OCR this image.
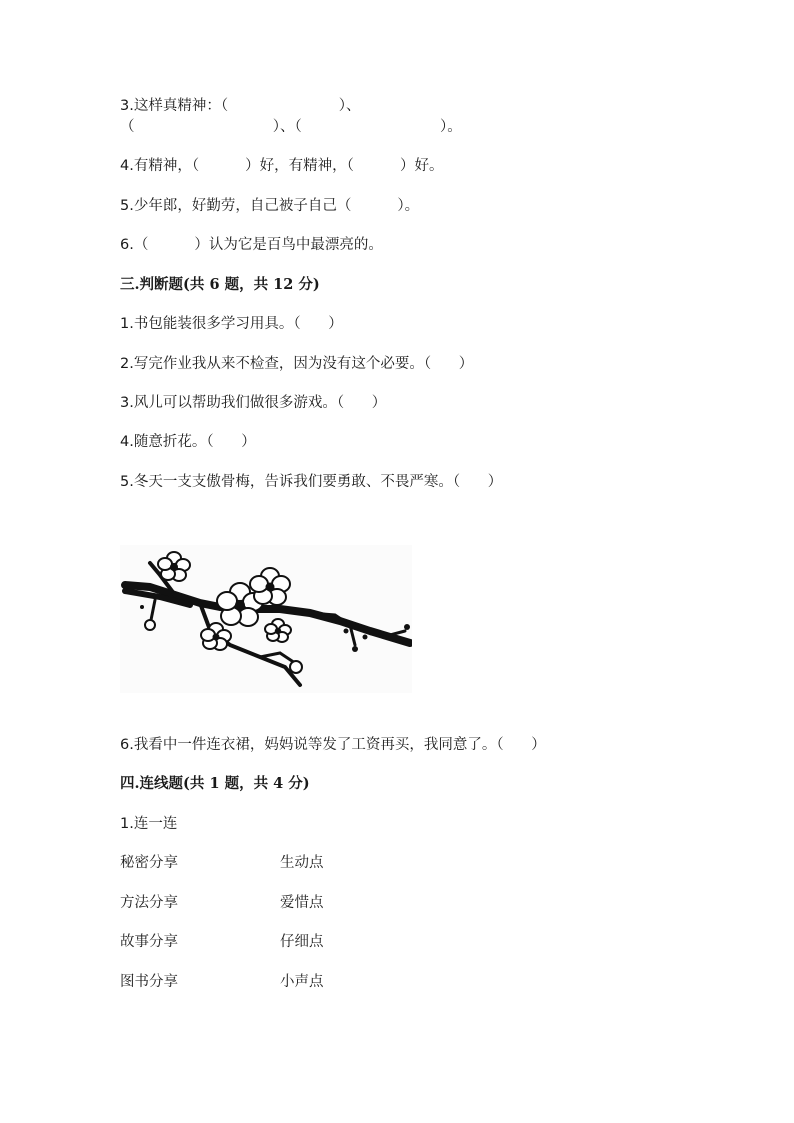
3.这样真精神：（                        ）、
（                              ）、（                              ）。
4.有精神，（          ）好，有精神，（          ）好。
5.少年郎，好勤劳，自己被子自己（          ）。
6.（          ）认为它是百鸟中最漂亮的。
三.判断题(共 6 题，共 12 分)
1.书包能装很多学习用具。（      ）
2.写完作业我从来不检查，因为没有这个必要。（      ）
3.风儿可以帮助我们做很多游戏。（      ）
4.随意折花。（      ）
5.冬天一支支傲骨梅，告诉我们要勇敢、不畏严寒。（      ）
6.我看中一件连衣裙，妈妈说等发了工资再买，我同意了。（      ）
四.连线题(共 1 题，共 4 分)
1.连一连
秘密分享	生动点
方法分享	爱惜点
故事分享	仔细点
图书分享	小声点
